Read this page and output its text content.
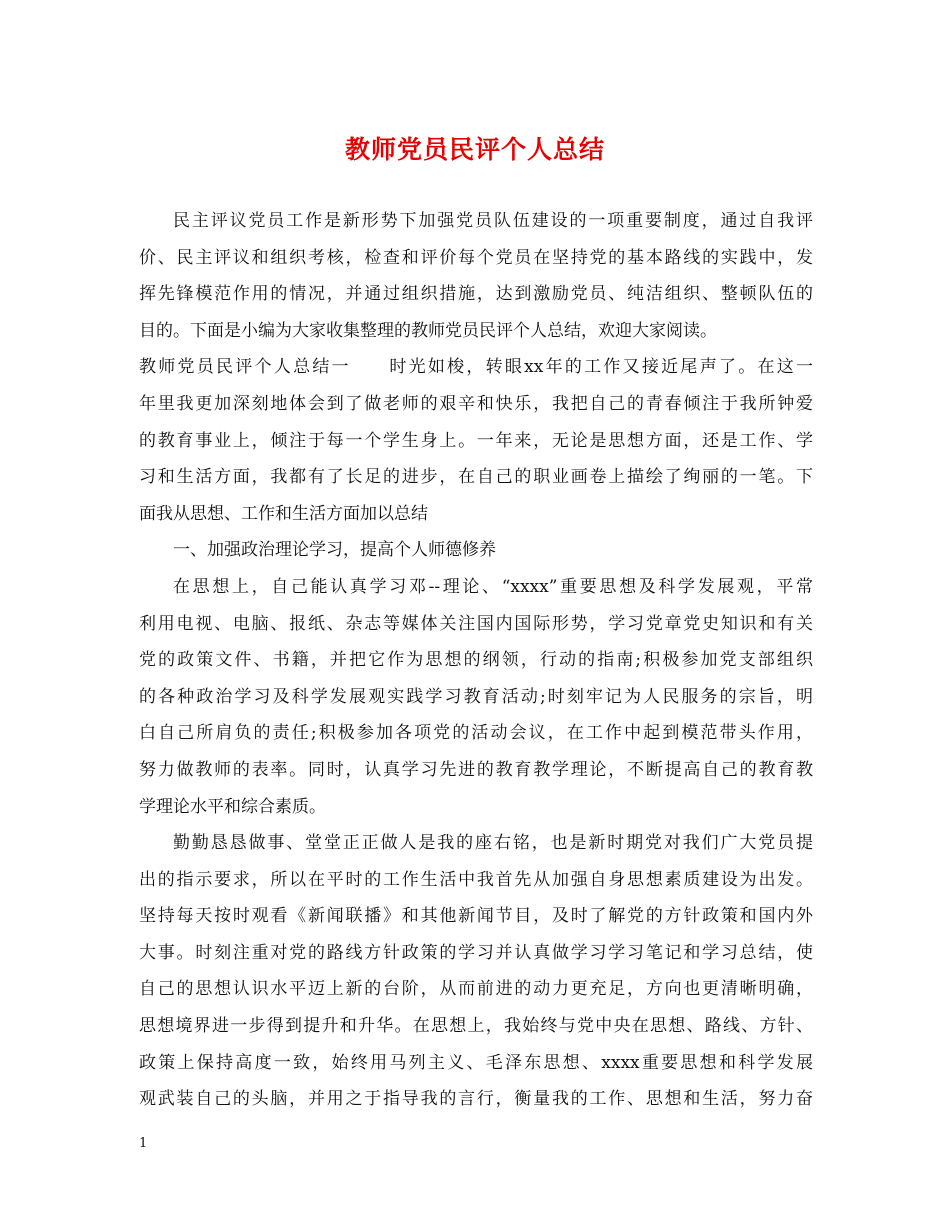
教师党员民评个人总结
民主评议党员工作是新形势下加强党员队伍建设的一项重要制度，通过自我评
价、民主评议和组织考核，检查和评价每个党员在坚持党的基本路线的实践中，发
挥先锋模范作用的情况，并通过组织措施，达到激励党员、纯洁组织、整顿队伍的
目的。下面是小编为大家收集整理的教师党员民评个人总结，欢迎大家阅读。
教师党员民评个人总结一　　时光如梭，转眼xx年的工作又接近尾声了。在这一
年里我更加深刻地体会到了做老师的艰辛和快乐，我把自己的青春倾注于我所钟爱
的教育事业上，倾注于每一个学生身上。一年来，无论是思想方面，还是工作、学
习和生活方面，我都有了长足的进步，在自己的职业画卷上描绘了绚丽的一笔。下
面我从思想、工作和生活方面加以总结
一、加强政治理论学习，提高个人师德修养
在思想上，自己能认真学习邓--理论、“xxxx”重要思想及科学发展观，平常
利用电视、电脑、报纸、杂志等媒体关注国内国际形势，学习党章党史知识和有关
党的政策文件、书籍，并把它作为思想的纲领，行动的指南;积极参加党支部组织
的各种政治学习及科学发展观实践学习教育活动;时刻牢记为人民服务的宗旨，明
白自己所肩负的责任;积极参加各项党的活动会议，在工作中起到模范带头作用，
努力做教师的表率。同时，认真学习先进的教育教学理论，不断提高自己的教育教
学理论水平和综合素质。
勤勤恳恳做事、堂堂正正做人是我的座右铭，也是新时期党对我们广大党员提
出的指示要求，所以在平时的工作生活中我首先从加强自身思想素质建设为出发。
坚持每天按时观看《新闻联播》和其他新闻节目，及时了解党的方针政策和国内外
大事。时刻注重对党的路线方针政策的学习并认真做学习学习笔记和学习总结，使
自己的思想认识水平迈上新的台阶，从而前进的动力更充足，方向也更清晰明确，
思想境界进一步得到提升和升华。在思想上，我始终与党中央在思想、路线、方针、
政策上保持高度一致，始终用马列主义、毛泽东思想、xxxx重要思想和科学发展
观武装自己的头脑，并用之于指导我的言行，衡量我的工作、思想和生活，努力奋
1
